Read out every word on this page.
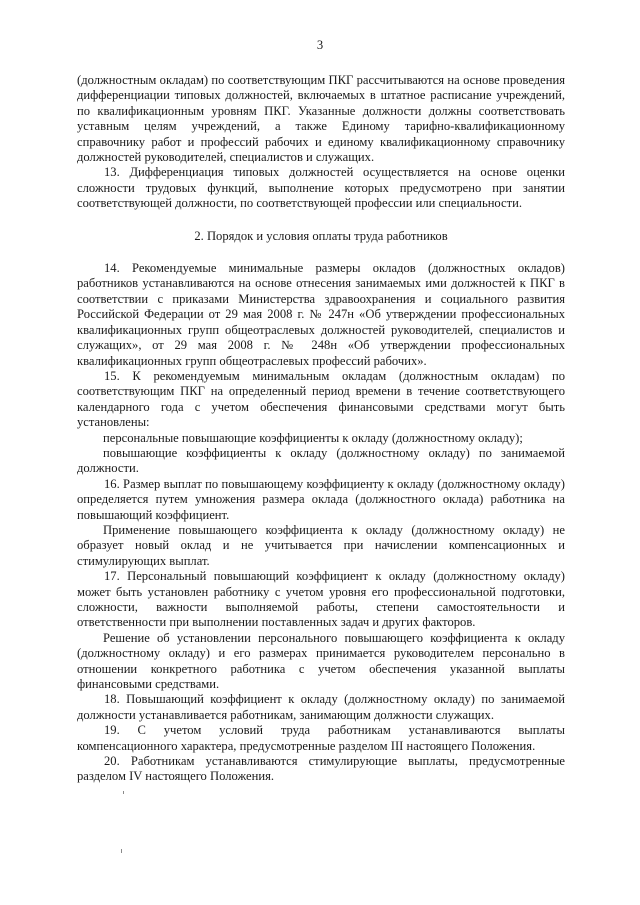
3

(должностным окладам) по соответствующим ПКГ рассчитываются на основе проведения дифференциации типовых должностей, включаемых в штатное расписание учреждений, по квалификационным уровням ПКГ. Указанные должности должны соответствовать уставным целям учреждений, а также Единому тарифно-квалификационному справочнику работ и профессий рабочих и единому квалификационному справочнику должностей руководителей, специалистов и служащих.

13. Дифференциация типовых должностей осуществляется на основе оценки сложности трудовых функций, выполнение которых предусмотрено при занятии соответствующей должности, по соответствующей профессии или специальности.

2. Порядок и условия оплаты труда работников

14. Рекомендуемые минимальные размеры окладов (должностных окладов) работников устанавливаются на основе отнесения занимаемых ими должностей к ПКГ в соответствии с приказами Министерства здравоохранения и социального развития Российской Федерации от 29 мая 2008 г. № 247н «Об утверждении профессиональных квалификационных групп общеотраслевых должностей руководителей, специалистов и служащих», от 29 мая 2008 г. № 248н «Об утверждении профессиональных квалификационных групп общеотраслевых профессий рабочих».

15. К рекомендуемым минимальным окладам (должностным окладам) по соответствующим ПКГ на определенный период времени в течение соответствующего календарного года с учетом обеспечения финансовыми средствами могут быть установлены:

персональные повышающие коэффициенты к окладу (должностному окладу);

повышающие коэффициенты к окладу (должностному окладу) по занимаемой должности.

16. Размер выплат по повышающему коэффициенту к окладу (должностному окладу) определяется путем умножения размера оклада (должностного оклада) работника на повышающий коэффициент.

Применение повышающего коэффициента к окладу (должностному окладу) не образует новый оклад и не учитывается при начислении компенсационных и стимулирующих выплат.

17. Персональный повышающий коэффициент к окладу (должностному окладу) может быть установлен работнику с учетом уровня его профессиональной подготовки, сложности, важности выполняемой работы, степени самостоятельности и ответственности при выполнении поставленных задач и других факторов.

Решение об установлении персонального повышающего коэффициента к окладу (должностному окладу) и его размерах принимается руководителем персонально в отношении конкретного работника с учетом обеспечения указанной выплаты финансовыми средствами.

18. Повышающий коэффициент к окладу (должностному окладу) по занимаемой должности устанавливается работникам, занимающим должности служащих.

19. С учетом условий труда работникам устанавливаются выплаты компенсационного характера, предусмотренные разделом III настоящего Положения.

20. Работникам устанавливаются стимулирующие выплаты, предусмотренные разделом IV настоящего Положения.
